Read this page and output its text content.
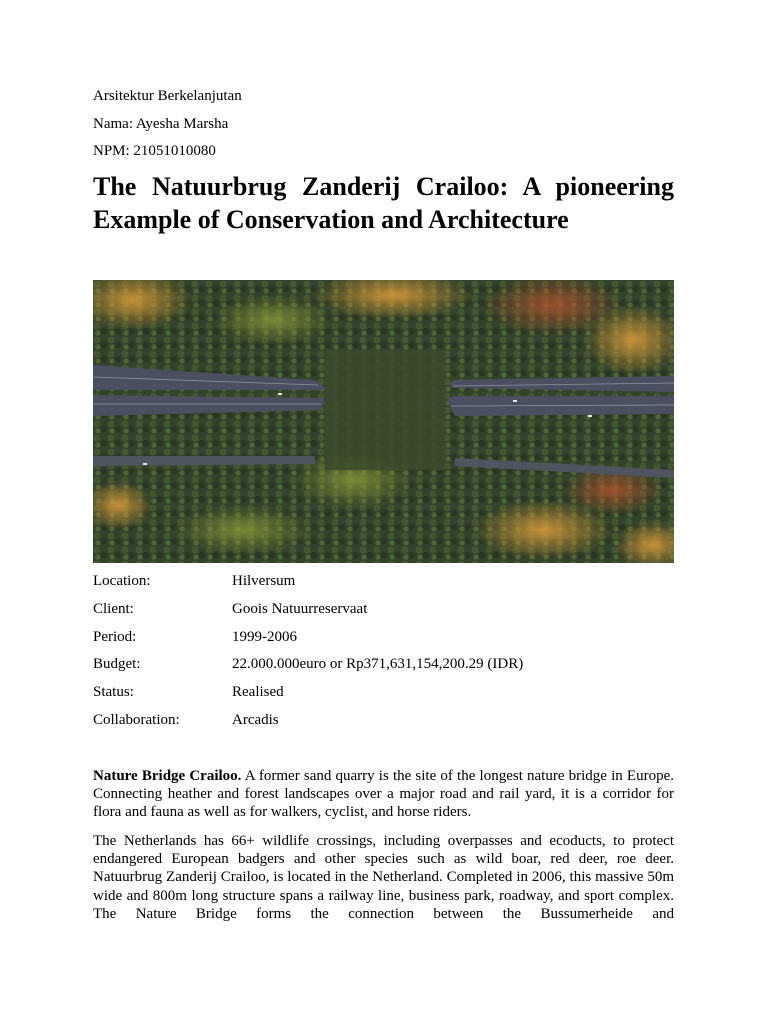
Arsitektur Berkelanjutan
Nama: Ayesha Marsha
NPM: 21051010080
The Natuurbrug Zanderij Crailoo: A pioneering Example of Conservation and Architecture
Location:	Hilversum
Client:	Goois Natuurreservaat
Period:	1999-2006
Budget:	22.000.000euro or Rp371,631,154,200.29 (IDR)
Status:	Realised
Collaboration:	Arcadis

Nature Bridge Crailoo. A former sand quarry is the site of the longest nature bridge in Europe. Connecting heather and forest landscapes over a major road and rail yard, it is a corridor for flora and fauna as well as for walkers, cyclist, and horse riders.

The Netherlands has 66+ wildlife crossings, including overpasses and ecoducts, to protect endangered European badgers and other species such as wild boar, red deer, roe deer. Natuurbrug Zanderij Crailoo, is located in the Netherland. Completed in 2006, this massive 50m wide and 800m long structure spans a railway line, business park, roadway, and sport complex. The Nature Bridge forms the connection between the Bussumerheide and
